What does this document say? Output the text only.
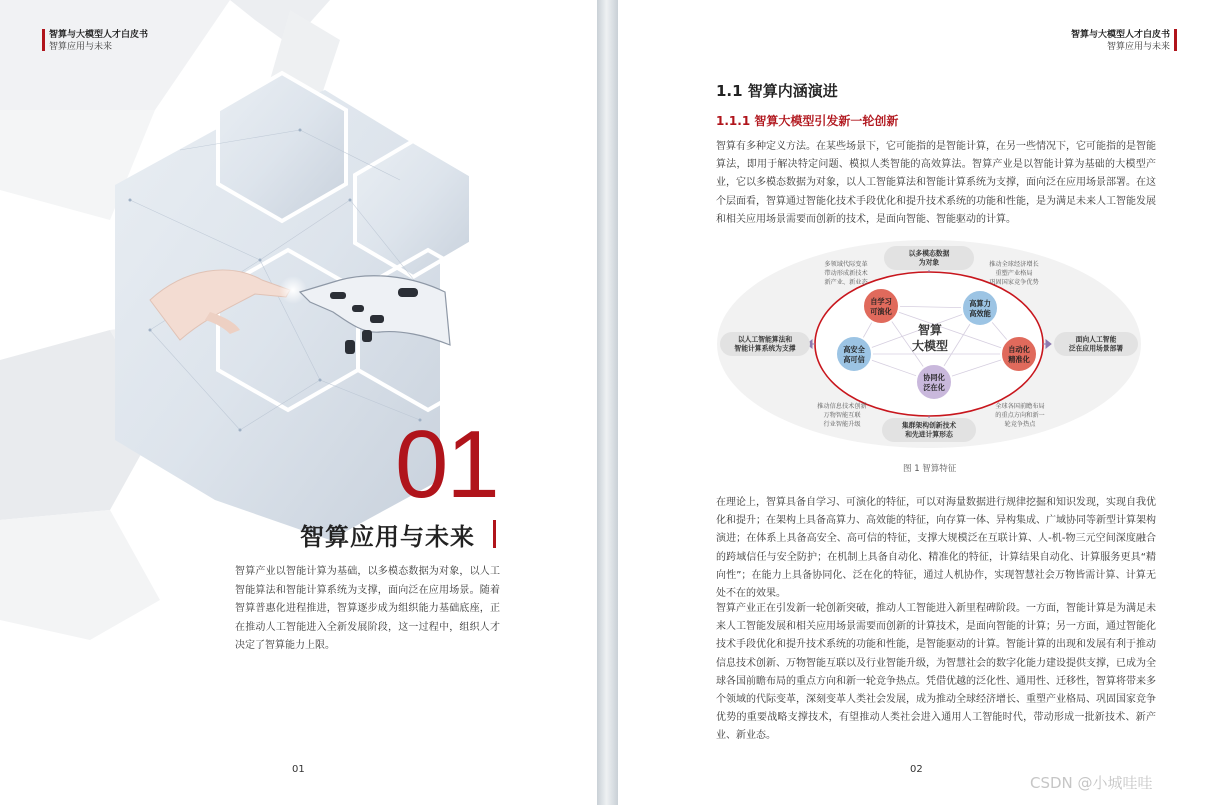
智算与大模型人才白皮书
智算应用与未来
01
智算应用与未来
智算产业以智能计算为基础，以多模态数据为对象，以人工智能算法和智能计算系统为支撑，面向泛在应用场景。随着智算普惠化进程推进，智算逐步成为组织能力基础底座，正在推动人工智能进入全新发展阶段，这一过程中，组织人才决定了智算能力上限。
01
智算与大模型人才白皮书
智算应用与未来
1.1 智算内涵演进
1.1.1 智算大模型引发新一轮创新
智算有多种定义方法。在某些场景下，它可能指的是智能计算，在另一些情况下，它可能指的是智能算法，即用于解决特定问题、模拟人类智能的高效算法。智算产业是以智能计算为基础的大模型产业，它以多模态数据为对象，以人工智能算法和智能计算系统为支撑，面向泛在应用场景部署。在这个层面看，智算通过智能化技术手段优化和提升技术系统的功能和性能，是为满足未来人工智能发展和相关应用场景需要而创新的技术，是面向智能、智能驱动的计算。
以多模态数据
为对象
集群架构创新技术
和先进计算形态
以人工智能算法和
智能计算系统为支撑
面向人工智能
泛在应用场景部署
多领域代际变革
带动形成新技术
新产业、新业态
推动全球经济增长
重塑产业格局
巩固国家竞争优势
推动信息技术创新
万物智能互联
行业智能升级
全球各国前瞻布局
的重点方向和新一
轮竞争热点
智算
大模型
自学习
可演化
高算力
高效能
自动化
精准化
协同化
泛在化
高安全
高可信
图 1 智算特征
在理论上，智算具备自学习、可演化的特征，可以对海量数据进行规律挖掘和知识发现，实现自我优化和提升；在架构上具备高算力、高效能的特征，向存算一体、异构集成、广域协同等新型计算架构演进；在体系上具备高安全、高可信的特征，支撑大规模泛在互联计算、人-机-物三元空间深度融合的跨域信任与安全防护；在机制上具备自动化、精准化的特征，计算结果自动化、计算服务更具“精向性”；在能力上具备协同化、泛在化的特征，通过人机协作，实现智慧社会万物皆需计算、计算无处不在的效果。
智算产业正在引发新一轮创新突破，推动人工智能进入新里程碑阶段。一方面，智能计算是为满足未来人工智能发展和相关应用场景需要而创新的计算技术，是面向智能的计算；另一方面，通过智能化技术手段优化和提升技术系统的功能和性能，是智能驱动的计算。智能计算的出现和发展有利于推动信息技术创新、万物智能互联以及行业智能升级，为智慧社会的数字化能力建设提供支撑，已成为全球各国前瞻布局的重点方向和新一轮竞争热点。凭借优越的泛化性、通用性、迁移性，智算将带来多个领域的代际变革，深刻变革人类社会发展，成为推动全球经济增长、重塑产业格局、巩固国家竞争优势的重要战略支撑技术，有望推动人类社会进入通用人工智能时代，带动形成一批新技术、新产业、新业态。
02
CSDN @小城哇哇
